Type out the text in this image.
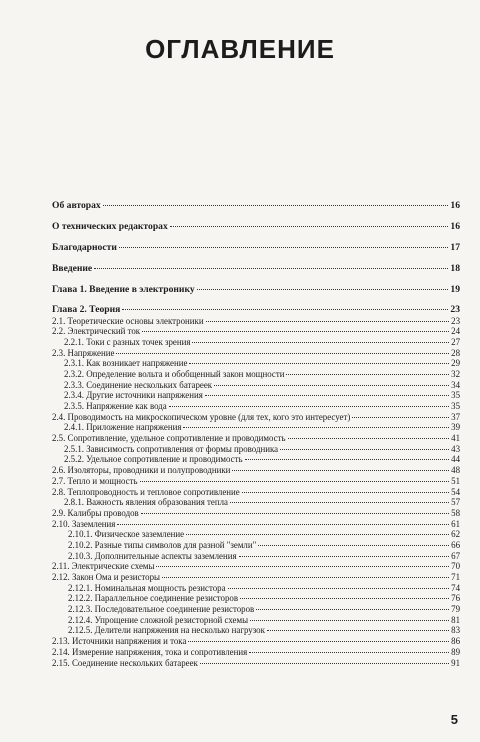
ОГЛАВЛЕНИЕ
Об авторах	16
О технических редакторах	16
Благодарности	17
Введение	18
Глава 1. Введение в электронику	19
Глава 2. Теория	23
2.1. Теоретические основы электроники	23
2.2. Электрический ток	24
2.2.1. Токи с разных точек зрения	27
2.3. Напряжение	28
2.3.1. Как возникает напряжение	29
2.3.2. Определение вольта и обобщенный закон мощности	32
2.3.3. Соединение нескольких батареек	34
2.3.4. Другие источники напряжения	35
2.3.5. Напряжение как вода	35
2.4. Проводимость на микроскопическом уровне (для тех, кого это интересует)	37
2.4.1. Приложение напряжения	39
2.5. Сопротивление, удельное сопротивление и проводимость	41
2.5.1. Зависимость сопротивления от формы проводника	43
2.5.2. Удельное сопротивление и проводимость	44
2.6. Изоляторы, проводники и полупроводники	48
2.7. Тепло и мощность	51
2.8. Теплопроводность и тепловое сопротивление	54
2.8.1. Важность явления образования тепла	57
2.9. Калибры проводов	58
2.10. Заземления	61
2.10.1. Физическое заземление	62
2.10.2. Разные типы символов для разной "земли"	66
2.10.3. Дополнительные аспекты заземления	67
2.11. Электрические схемы	70
2.12. Закон Ома и резисторы	71
2.12.1. Номинальная мощность резистора	74
2.12.2. Параллельное соединение резисторов	76
2.12.3. Последовательное соединение резисторов	79
2.12.4. Упрощение сложной резисторной схемы	81
2.12.5. Делители напряжения на несколько нагрузок	83
2.13. Источники напряжения и тока	86
2.14. Измерение напряжения, тока и сопротивления	89
2.15. Соединение нескольких батареек	91
5
